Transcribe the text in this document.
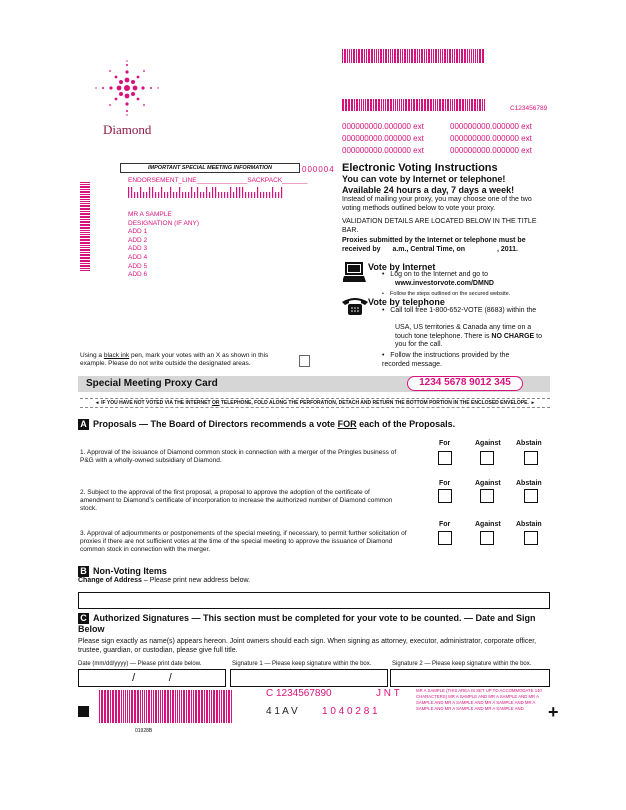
Diamond
C123456789
000000000.000000 ext	000000000.000000 ext
000000000.000000 ext	000000000.000000 ext
000000000.000000 ext	000000000.000000 ext
IMPORTANT SPECIAL MEETING INFORMATION	000004
ENDORSEMENT_LINE______________SACKPACK_______
MR A SAMPLE
DESIGNATION (IF ANY)
ADD 1
ADD 2
ADD 3
ADD 4
ADD 5
ADD 6
Electronic Voting Instructions
You can vote by Internet or telephone!
Available 24 hours a day, 7 days a week!
Instead of mailing your proxy, you may choose one of the two voting methods outlined below to vote your proxy.
VALIDATION DETAILS ARE LOCATED BELOW IN THE TITLE BAR.
Proxies submitted by the Internet or telephone must be
received by a.m., Central Time, on	, 2011.
Vote by Internet
•   Log on to the Internet and go to
www.investorvote.com/DMND
•    Follow the steps outlined on the secured website.
Vote by telephone
•   Call toll free 1-800-652-VOTE (8683) within the
USA, US territories & Canada any time on a touch tone telephone. There is NO CHARGE to you for the call.
•   Follow the instructions provided by the recorded message.
Using a black ink pen, mark your votes with an X as shown in this example. Please do not write outside the designated areas.
Special Meeting Proxy Card	1234 5678 9012 345
◂  IF YOU HAVE NOT VOTED VIA THE INTERNET OR TELEPHONE, FOLD ALONG THE PERFORATION, DETACH AND RETURN THE BOTTOM PORTION IN THE ENCLOSED ENVELOPE.  ▸
A Proposals — The Board of Directors recommends a vote FOR each of the Proposals.
For	Against Abstain
1. Approval of the issuance of Diamond common stock in connection with a merger of the Pringles business of P&G with a wholly-owned subsidiary of Diamond.
For	Against Abstain
2. Subject to the approval of the first proposal, a proposal to approve the adoption of the certificate of amendment to Diamond’s certificate of incorporation to increase the authorized number of Diamond common stock.
For	Against Abstain
3. Approval of adjournments or postponements of the special meeting, if necessary, to permit further solicitation of proxies if there are not sufficient votes at the time of the special meeting to approve the issuance of Diamond common stock in connection with the merger.
B Non-Voting Items
Change of Address – Please print new address below.
C Authorized Signatures — This section must be completed for your vote to be counted. — Date and Sign Below
Please sign exactly as name(s) appears hereon. Joint owners should each sign. When signing as attorney, executor, administrator, corporate officer, trustee, guardian, or custodian, please give full title.
Date (mm/dd/yyyy) — Please print date below.	Signature 1 — Please keep signature within the box.	Signature 2 — Please keep signature within the box.
/           /
C 1234567890	J N T
4 1 A V 1 0 4 0 2 8 1
MR A SAMPLE (THIS AREA IS SET UP TO ACCOMMODATE 140 CHARACTERS) MR A SAMPLE AND MR A SAMPLE AND MR A SAMPLE AND MR A SAMPLE AND MR A SAMPLE AND MR A SAMPLE AND MR A SAMPLE AND MR A SAMPLE AND	+
01928B
